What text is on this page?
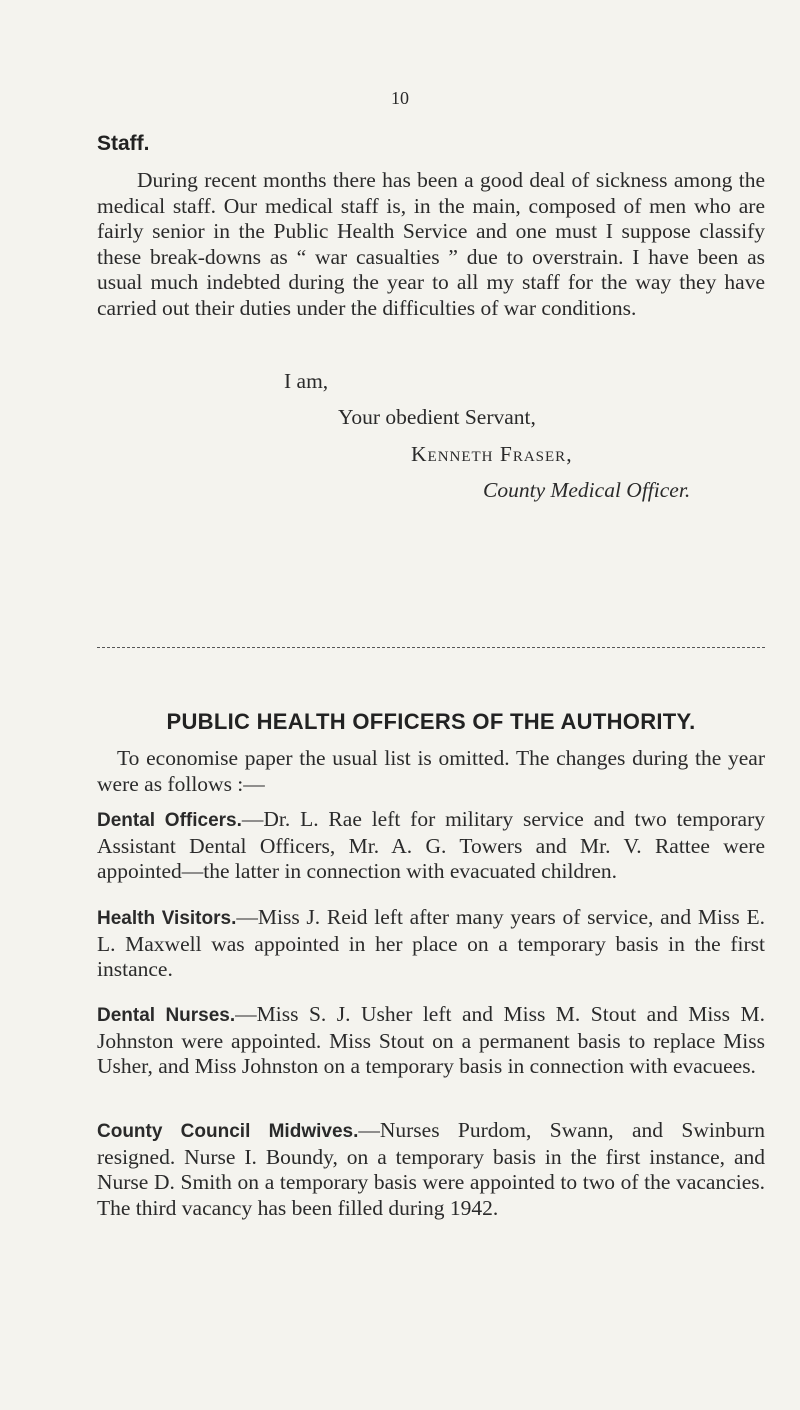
10
Staff.
During recent months there has been a good deal of sickness among the medical staff. Our medical staff is, in the main, composed of men who are fairly senior in the Public Health Service and one must I suppose classify these break-downs as “ war casualties ” due to overstrain. I have been as usual much indebted during the year to all my staff for the way they have carried out their duties under the difficulties of war conditions.
I am,
Your obedient Servant,
Kenneth Fraser,
County Medical Officer.
PUBLIC HEALTH OFFICERS OF THE AUTHORITY.
To economise paper the usual list is omitted. The changes during the year were as follows :—
Dental Officers.—Dr. L. Rae left for military service and two temporary Assistant Dental Officers, Mr. A. G. Towers and Mr. V. Rattee were appointed—the latter in connection with evacuated children.
Health Visitors.—Miss J. Reid left after many years of service, and Miss E. L. Maxwell was appointed in her place on a temporary basis in the first instance.
Dental Nurses.—Miss S. J. Usher left and Miss M. Stout and Miss M. Johnston were appointed. Miss Stout on a permanent basis to replace Miss Usher, and Miss Johnston on a temporary basis in connection with evacuees.
County Council Midwives.—Nurses Purdom, Swann, and Swinburn resigned. Nurse I. Boundy, on a temporary basis in the first instance, and Nurse D. Smith on a temporary basis were appointed to two of the vacancies. The third vacancy has been filled during 1942.
